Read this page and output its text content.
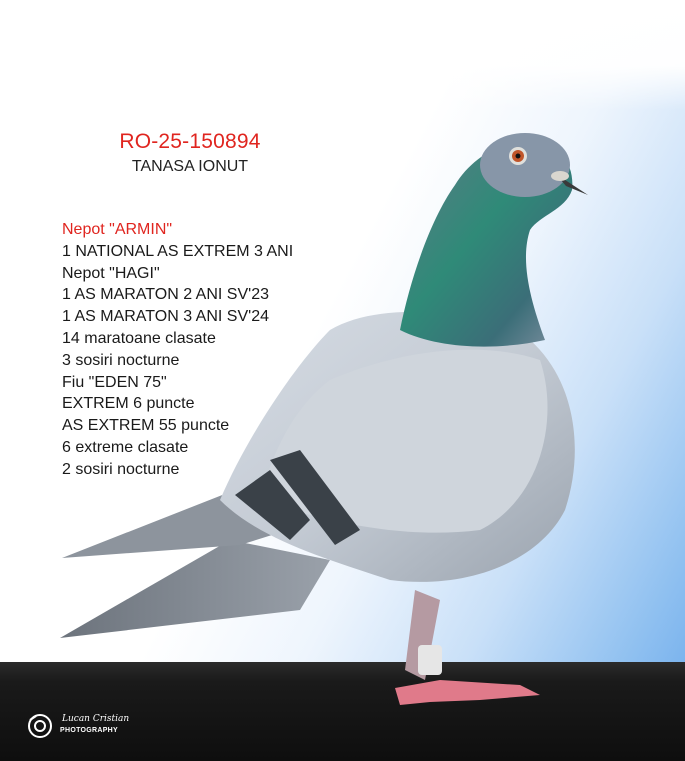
RO-25-150894
TANASA IONUT
Nepot "ARMIN"
1 NATIONAL AS EXTREM 3 ANI
Nepot "HAGI"
1 AS MARATON 2 ANI SV'23
1 AS MARATON 3 ANI SV'24
14 maratoane clasate
3 sosiri nocturne
Fiu "EDEN 75"
EXTREM 6 puncte
AS EXTREM 55 puncte
6 extreme clasate
2 sosiri nocturne
Lucan Cristian
PHOTOGRAPHY
